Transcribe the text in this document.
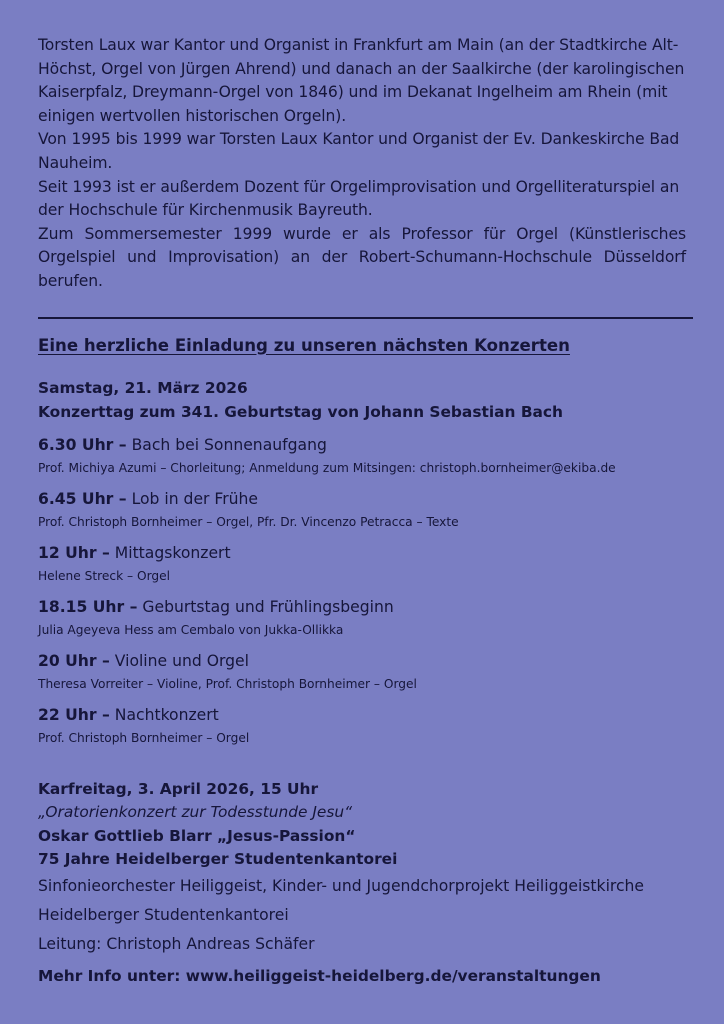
Torsten Laux war Kantor und Organist in Frankfurt am Main (an der Stadtkirche Alt-Höchst, Orgel von Jürgen Ahrend) und danach an der Saalkirche (der karolingischen Kaiserpfalz, Dreymann-Orgel von 1846) und im Dekanat Ingelheim am Rhein (mit einigen wertvollen historischen Orgeln).

Von 1995 bis 1999 war Torsten Laux Kantor und Organist der Ev. Dankeskirche Bad Nauheim.

Seit 1993 ist er außerdem Dozent für Orgelimprovisation und Orgelliteraturspiel an der Hochschule für Kirchenmusik Bayreuth.

Zum Sommersemester 1999 wurde er als Professor für Orgel (Künstlerisches Orgelspiel und Improvisation) an der Robert-Schumann-Hochschule Düsseldorf berufen.

Eine herzliche Einladung zu unseren nächsten Konzerten
Samstag, 21. März 2026
Konzerttag zum 341. Geburtstag von Johann Sebastian Bach
6.30 Uhr – Bach bei Sonnenaufgang
Prof. Michiya Azumi – Chorleitung; Anmeldung zum Mitsingen: christoph.bornheimer@ekiba.de
6.45 Uhr – Lob in der Frühe
Prof. Christoph Bornheimer – Orgel, Pfr. Dr. Vincenzo Petracca – Texte
12 Uhr – Mittagskonzert
Helene Streck – Orgel
18.15 Uhr – Geburtstag und Frühlingsbeginn
Julia Ageyeva Hess am Cembalo von Jukka-Ollikka
20 Uhr – Violine und Orgel
Theresa Vorreiter – Violine, Prof. Christoph Bornheimer – Orgel
22 Uhr – Nachtkonzert
Prof. Christoph Bornheimer – Orgel
Karfreitag, 3. April 2026, 15 Uhr
„Oratorienkonzert zur Todesstunde Jesu“
Oskar Gottlieb Blarr „Jesus-Passion“
75 Jahre Heidelberger Studentenkantorei
Sinfonieorchester Heiliggeist, Kinder- und Jugendchorprojekt Heiliggeistkirche
Heidelberger Studentenkantorei
Leitung: Christoph Andreas Schäfer
Mehr Info unter: www.heiliggeist-heidelberg.de/veranstaltungen
